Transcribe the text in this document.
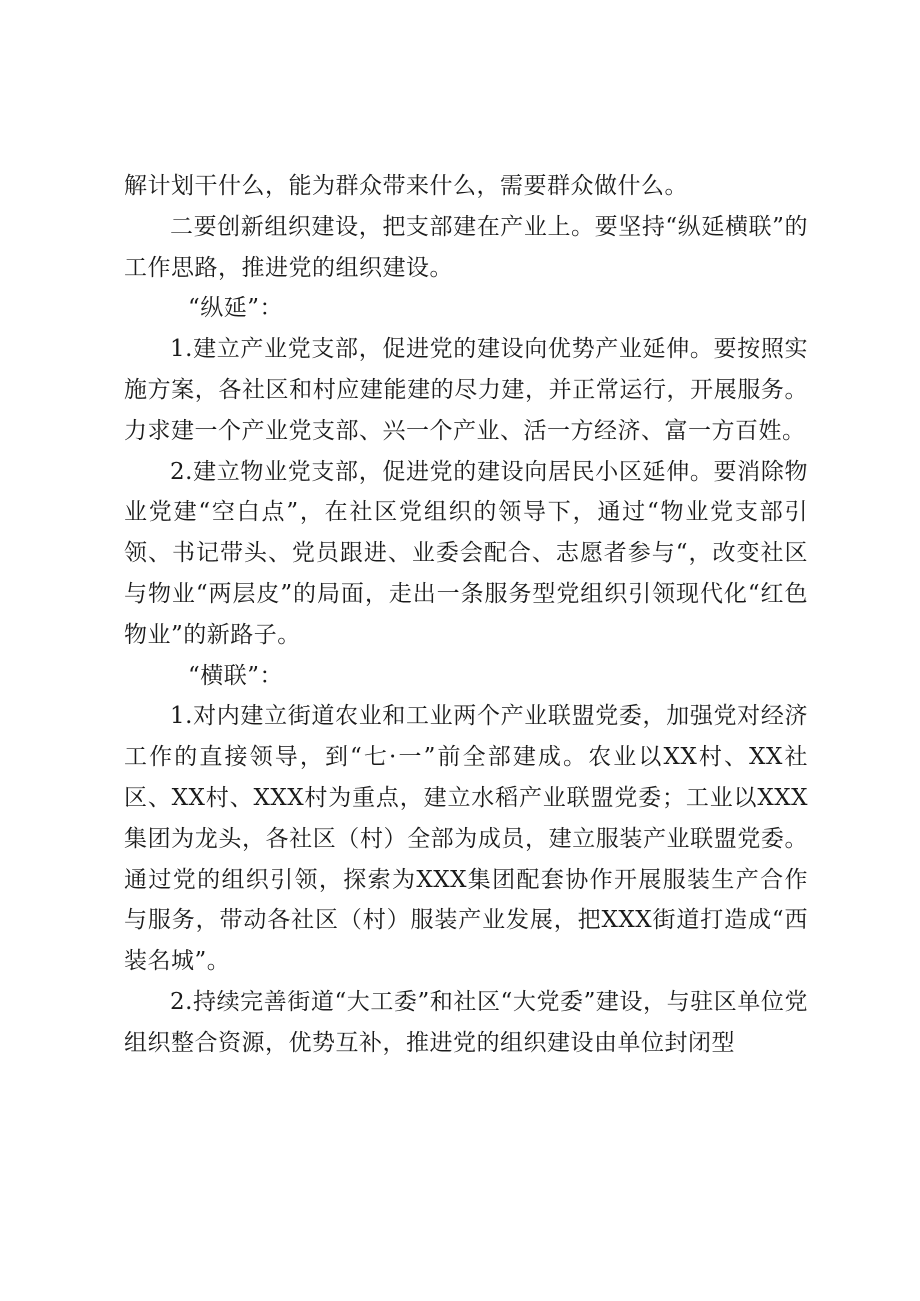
解计划干什么，能为群众带来什么，需要群众做什么。

二要创新组织建设，把支部建在产业上。要坚持“纵延横联”的工作思路，推进党的组织建设。

“纵延”：

1.建立产业党支部，促进党的建设向优势产业延伸。要按照实施方案，各社区和村应建能建的尽力建，并正常运行，开展服务。力求建一个产业党支部、兴一个产业、活一方经济、富一方百姓。

2.建立物业党支部，促进党的建设向居民小区延伸。要消除物业党建“空白点”，在社区党组织的领导下，通过“物业党支部引领、书记带头、党员跟进、业委会配合、志愿者参与“，改变社区与物业“两层皮”的局面，走出一条服务型党组织引领现代化“红色物业”的新路子。

“横联”：

1.对内建立街道农业和工业两个产业联盟党委，加强党对经济工作的直接领导，到“七·一”前全部建成。农业以XX村、XX社区、XX村、XXX村为重点，建立水稻产业联盟党委；工业以XXX集团为龙头，各社区（村）全部为成员，建立服装产业联盟党委。通过党的组织引领，探索为XXX集团配套协作开展服装生产合作与服务，带动各社区（村）服装产业发展，把XXX街道打造成“西装名城”。

2.持续完善街道“大工委”和社区“大党委”建设，与驻区单位党组织整合资源，优势互补，推进党的组织建设由单位封闭型
